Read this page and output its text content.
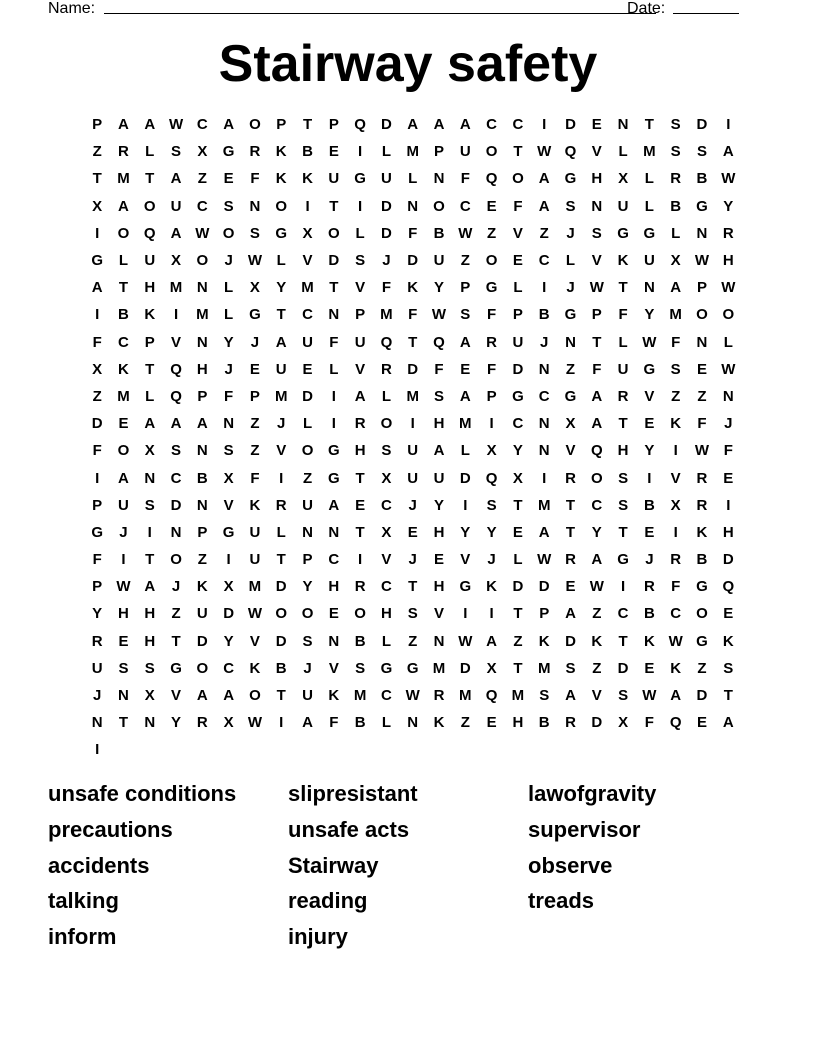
Name:	Date:
Stairway safety
P	A	A W C	A	O	P	T	P	Q	D	A	A	A	C	C	I	D	E	N	T	S	D	I
Z	R	L	S	X	G	R	K	B	E	I	L	M	P	U	O	T W Q	V	L	M	S	S	A
T	M	T	A	Z	E	F	K	K	U	G	U	L	N	F	Q O	A	G	H	X	L	R	B W
X	A	O	U	C	S	N	O	I	T	I	D	N	O	C	E	F	A	S	N	U	L	B	G	Y
I	O Q	A W O	S	G	X	O	L	D	F	B W Z	V	Z	J	S	G G	L	N	R
G	L	U	X	O	J	W L	V	D	S	J	D	U	Z	O	E	C	L	V	K	U	X W H
A	T	H M N	L	X	Y	M	T	V	F	K	Y	P	G	L	I	J	W T	N	A	P W
I	B	K	I	M	L	G	T	C	N	P	M	F W S	F	P	B	G	P	F	Y	M O O
F	C	P	V	N	Y	J	A	U	F	U	Q	T	Q	A	R	U	J	N	T	L W F	N	L
X	K	T	Q	H	J	E	U	E	L	V	R	D	F	E	F	D	N	Z	F	U	G	S	E W
Z	M	L	Q	P	F	P	M D	I	A	L	M	S	A	P	G	C	G	A	R	V	Z	Z	N
D	E	A	A	A	N	Z	J	L	I	R	O	I	H M	I	C	N	X	A	T	E	K	F	J
F	O	X	S	N	S	Z	V	O G	H	S	U	A	L	X	Y	N	V	Q	H	Y	I	W F
I	A	N	C	B	X	F	I	Z	G	T	X	U	U	D	Q	X	I	R	O	S	I	V	R	E
P	U	S	D	N	V	K	R	U	A	E	C	J	Y	I	S	T	M	T	C	S	B	X	R	I
G	J	I	N	P	G	U	L	N	N	T	X	E	H	Y	Y	E	A	T	Y	T	E	I	K	H
F	I	T	O	Z	I	U	T	P	C	I	V	J	E	V	J	L W R	A	G	J	R	B	D
P W A	J	K	X	M D	Y	H	R	C	T	H	G	K	D	D	E W	I	R	F	G Q
Y	H	H	Z	U	D W O O	E	O	H	S	V	I	I	T	P	A	Z	C	B	C	O	E
R	E	H	T	D	Y	V	D	S	N	B	L	Z	N W A	Z	K	D	K	T	K W G	K
U	S	S	G O	C	K	B	J	V	S	G G M D	X	T	M	S	Z	D	E	K	Z	S
J	N	X	V	A	A	O	T	U	K M C W R M Q M	S	A	V	S W A	D	T
N	T	N	Y	R	X W	I	A	F	B	L	N	K	Z	E	H	B	R	D	X	F	Q	E	A
I
unsafe conditions	slipresistant	lawofgravity
precautions	unsafe acts	supervisor
accidents	Stairway	observe
talking	reading	treads
inform	injury
